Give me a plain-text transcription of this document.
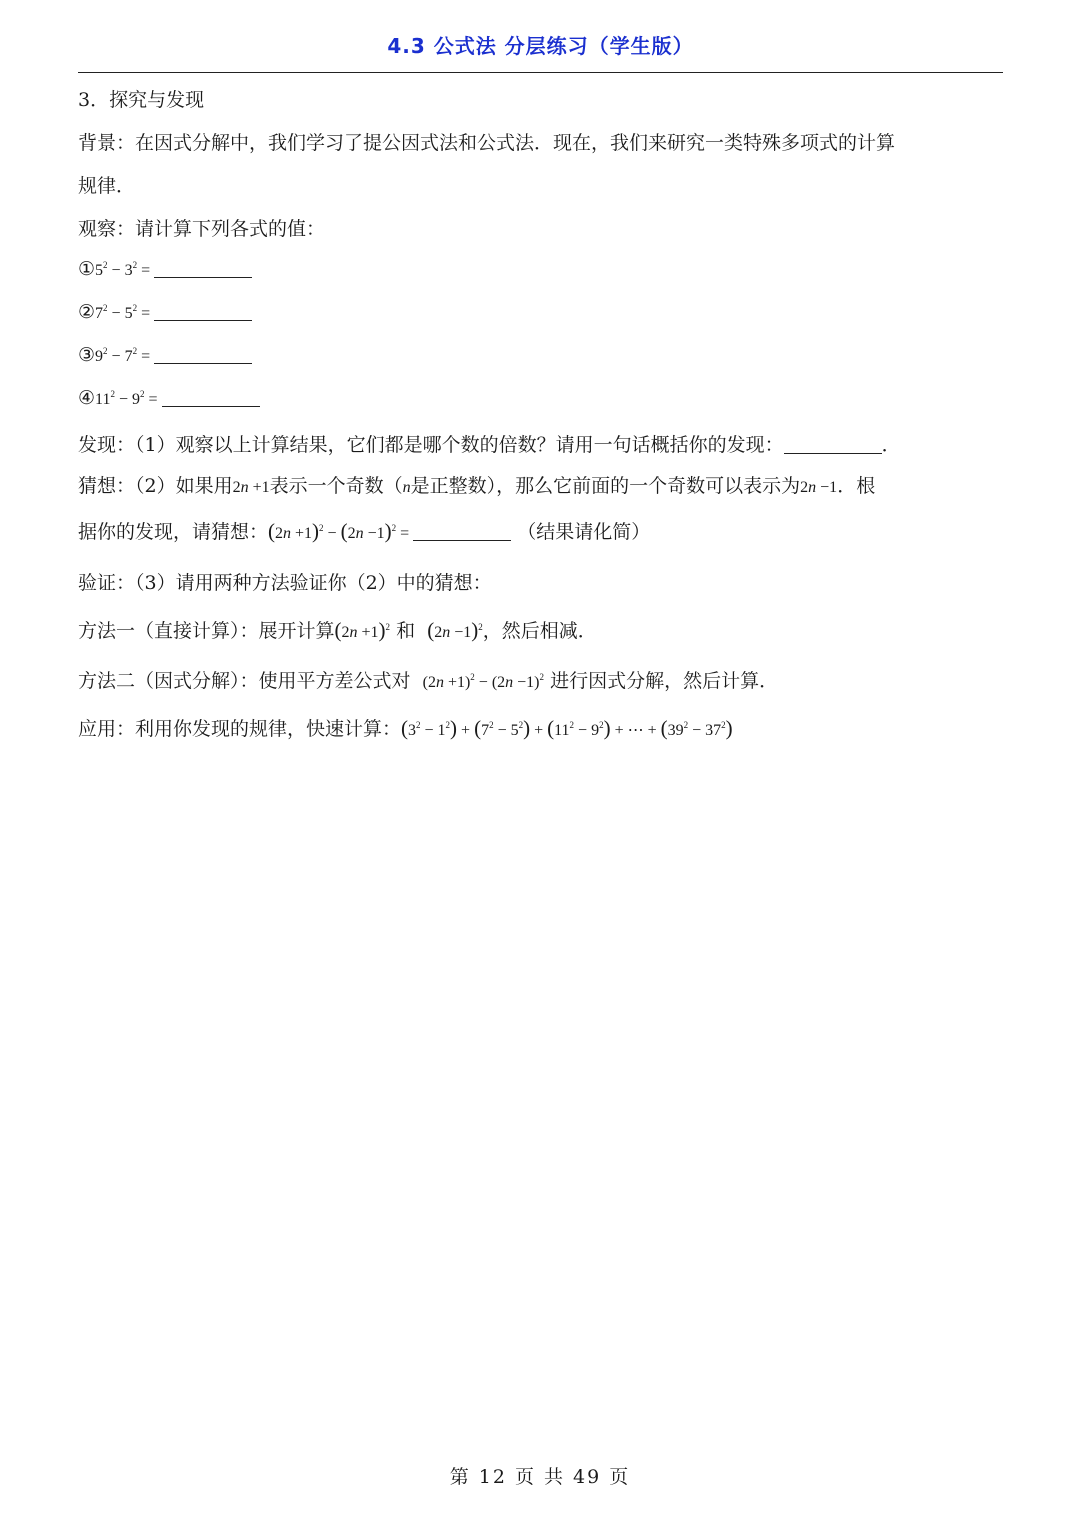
4.3 公式法 分层练习（学生版）
3．探究与发现
背景：在因式分解中，我们学习了提公因式法和公式法．现在，我们来研究一类特殊多项式的计算
规律．
观察：请计算下列各式的值：
$①5^2 - 3^2$ =
$②7^2 - 5^2$ =
$③9^2 - 7^2$ =
$④11^2 - 9^2$ =
发现：（1）观察以上计算结果，它们都是哪个数的倍数？请用一句话概括你的发现：	．
猜想：（2）如果用2n +1表示一个奇数（n是正整数），那么它前面的一个奇数可以表示为2n −1．根
据你的发现，请猜想：$(2n +1)^2 - (2n -1)^2$ =	（结果请化简）
验证：（3）请用两种方法验证你（2）中的猜想：
方法一（直接计算）：展开计算$(2n +1)^2$ 和 $(2n -1)^2$，然后相减．
方法二（因式分解）：使用平方差公式对 $(2n +1)^2 - (2n -1)^2$ 进行因式分解，然后计算．
应用：利用你发现的规律，快速计算：$(3^2 - 1^2) + (7^2 - 5^2) + (11^2 - 9^2)$ + ⋯ + $(39^2 - 37^2)$
第 12 页 共 49 页
